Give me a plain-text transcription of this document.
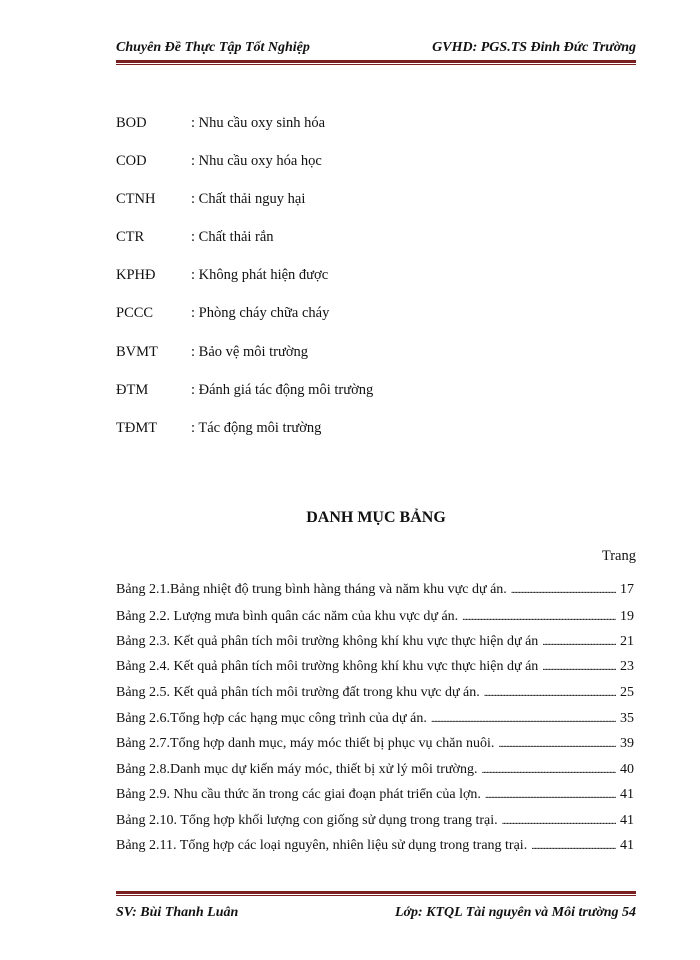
Chuyên Đề Thực Tập Tốt Nghiệp	GVHD: PGS.TS Đinh Đức Trường
BOD	: Nhu cầu oxy sinh hóa
COD	: Nhu cầu oxy hóa học
CTNH : Chất thải nguy hại
CTR	: Chất thải rắn
KPHĐ : Không phát hiện được
PCCC	: Phòng cháy chữa cháy
BVMT : Bảo vệ môi trường
ĐTM	: Đánh giá tác động môi trường
TĐMT : Tác động môi trường
DANH MỤC BẢNG
Trang
Bảng 2.1.Bảng nhiệt độ trung bình hàng tháng và năm khu vực dự án. . . .	17
Bảng 2.2. Lượng mưa bình quân các năm của khu vực dự án. . . .	19
Bảng 2.3. Kết quả phân tích môi trường không khí khu vực thực hiện dự án . . .	21
Bảng 2.4. Kết quả phân tích môi trường không khí khu vực thực hiện dự án . . .	23
Bảng 2.5. Kết quả phân tích môi trường đất trong khu vực dự án. . . .	25
Bảng 2.6.Tổng hợp các hạng mục công trình của dự án. . . .	35
Bảng 2.7.Tổng hợp danh mục, máy móc thiết bị phục vụ chăn nuôi. . . .	39
Bảng 2.8.Danh mục dự kiến máy móc, thiết bị xử lý môi trường. . . .	40
Bảng 2.9. Nhu cầu thức ăn trong các giai đoạn phát triển của lợn. . . .	41
Bảng 2.10. Tổng hợp khối lượng con giống sử dụng trong trang trại. . . .	41
Bảng 2.11. Tổng hợp các loại nguyên, nhiên liệu sử dụng trong trang trại. . . .	41
SV: Bùi Thanh Luân	Lớp: KTQL Tài nguyên và Môi trường 54
